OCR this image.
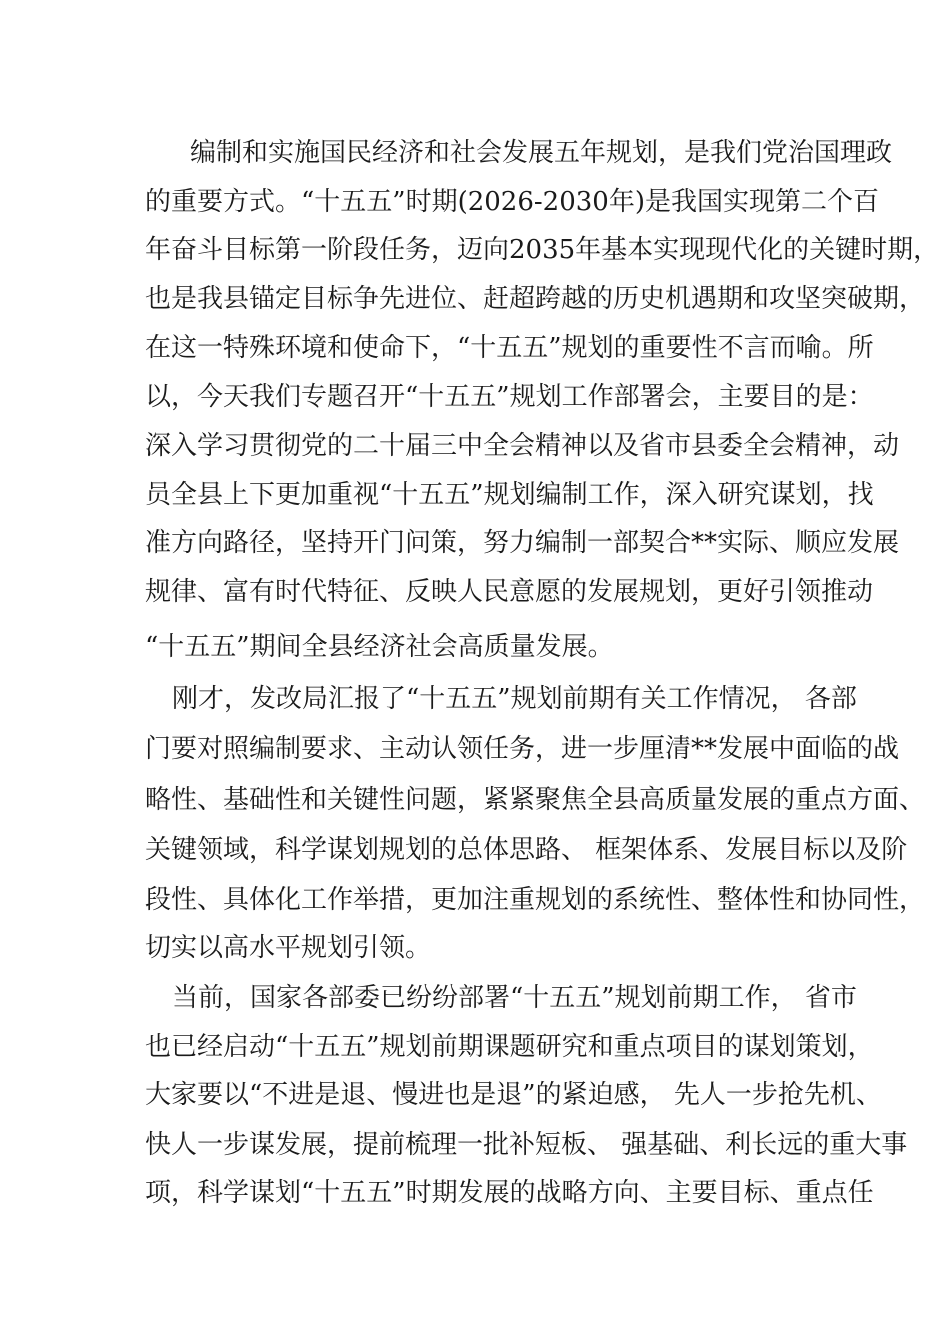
编制和实施国民经济和社会发展五年规划，是我们党治国理政
的重要方式。“十五五”时期(2026-2030年)是我国实现第二个百
年奋斗目标第一阶段任务，迈向2035年基本实现现代化的关键时期，
也是我县锚定目标争先进位、赶超跨越的历史机遇期和攻坚突破期，
在这一特殊环境和使命下，“十五五”规划的重要性不言而喻。所
以，今天我们专题召开“十五五”规划工作部署会，主要目的是：
深入学习贯彻党的二十届三中全会精神以及省市县委全会精神，动
员全县上下更加重视“十五五”规划编制工作，深入研究谋划，找
准方向路径，坚持开门问策，努力编制一部契合**实际、顺应发展
规律、富有时代特征、反映人民意愿的发展规划，更好引领推动
“十五五”期间全县经济社会高质量发展。
刚才，发改局汇报了“十五五”规划前期有关工作情况， 各部
门要对照编制要求、主动认领任务，进一步厘清**发展中面临的战
略性、基础性和关键性问题，紧紧聚焦全县高质量发展的重点方面、
关键领域，科学谋划规划的总体思路、 框架体系、发展目标以及阶
段性、具体化工作举措，更加注重规划的系统性、整体性和协同性，
切实以高水平规划引领。
当前，国家各部委已纷纷部署“十五五”规划前期工作， 省市
也已经启动“十五五”规划前期课题研究和重点项目的谋划策划，
大家要以“不进是退、慢进也是退”的紧迫感， 先人一步抢先机、
快人一步谋发展，提前梳理一批补短板、 强基础、利长远的重大事
项，科学谋划“十五五”时期发展的战略方向、主要目标、重点任
